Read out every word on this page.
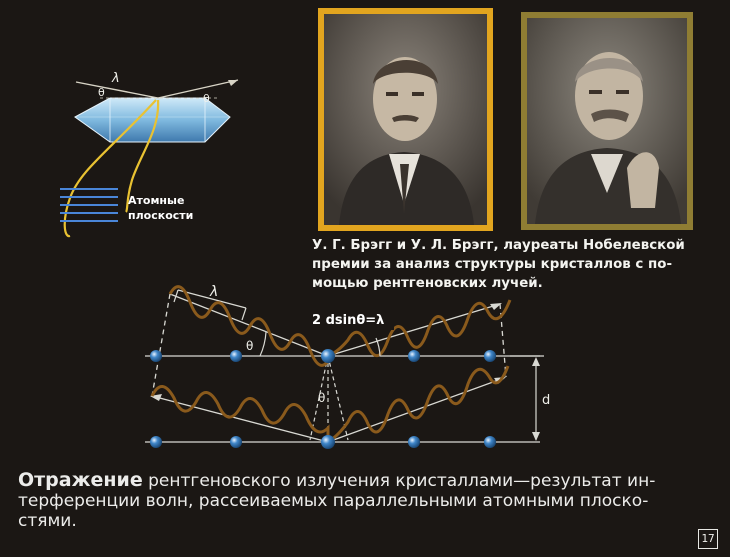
λ
θ	θ
Атомные
плоскости
У. Г. Брэгг и У. Л. Брэгг, лауреаты Нобелевской
премии за анализ структуры кристаллов с по-
мощью рентгеновских лучей.
λ
θ
θ
2 dsinθ=λ
d
Отражение рентгеновского излучения кристаллами—результат ин-
терференции волн, рассеиваемых параллельными атомными плоско-
стями.
17
